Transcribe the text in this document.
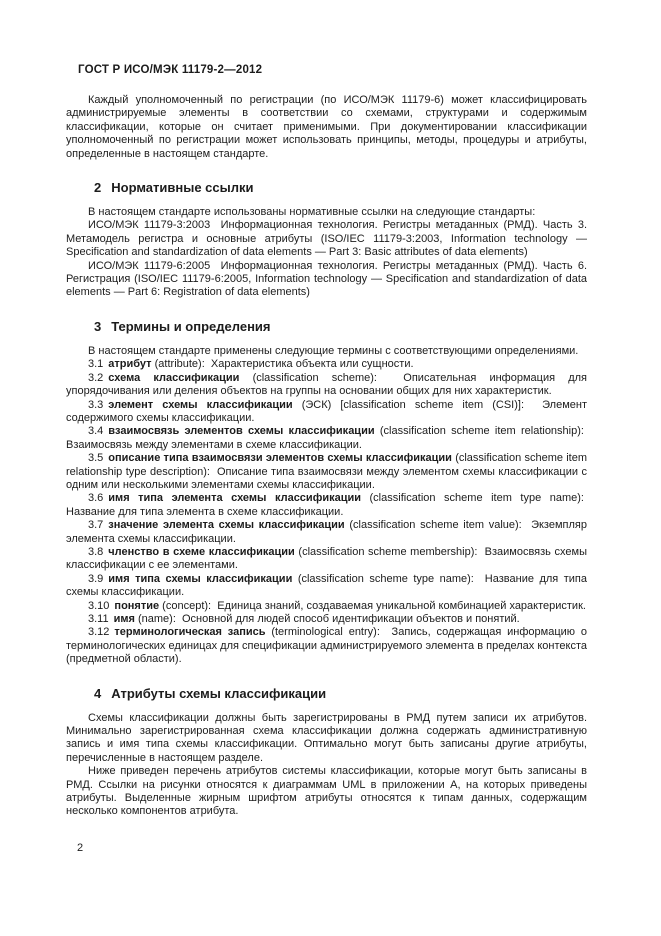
ГОСТ Р ИСО/МЭК 11179-2—2012

Каждый уполномоченный по регистрации (по ИСО/МЭК 11179-6) может классифицировать администрируемые элементы в соответствии со схемами, структурами и содержимым классификации, которые он считает применимыми. При документировании классификации уполномоченный по регистрации может использовать принципы, методы, процедуры и атрибуты, определенные в настоящем стандарте.

2 Нормативные ссылки

В настоящем стандарте использованы нормативные ссылки на следующие стандарты:

ИСО/МЭК 11179-3:2003  Информационная технология. Регистры метаданных (РМД). Часть 3. Метамодель регистра и основные атрибуты (ISO/IEC 11179-3:2003, Information technology — Specification and standardization of data elements — Part 3: Basic attributes of data elements)

ИСО/МЭК 11179-6:2005  Информационная технология. Регистры метаданных (РМД). Часть 6. Регистрация (ISO/IEC 11179-6:2005, Information technology — Specification and standardization of data elements — Part 6: Registration of data elements)

3 Термины и определения

В настоящем стандарте применены следующие термины с соответствующими определениями.

3.1 атрибут (attribute):  Характеристика объекта или сущности.

3.2 схема классификации (classification scheme):  Описательная информация для упорядочивания или деления объектов на группы на основании общих для них характеристик.

3.3 элемент схемы классификации (ЭСК) [classification scheme item (CSI)]:  Элемент содержимого схемы классификации.

3.4 взаимосвязь элементов схемы классификации (classification scheme item relationship):  Взаимосвязь между элементами в схеме классификации.

3.5 описание типа взаимосвязи элементов схемы классификации (classification scheme item relationship type description):  Описание типа взаимосвязи между элементом схемы классификации с одним или несколькими элементами схемы классификации.

3.6 имя типа элемента схемы классификации (classification scheme item type name):  Название для типа элемента в схеме классификации.

3.7 значение элемента схемы классификации (classification scheme item value):  Экземпляр элемента схемы классификации.

3.8 членство в схеме классификации (classification scheme membership):  Взаимосвязь схемы классификации с ее элементами.

3.9 имя типа схемы классификации (classification scheme type name):  Название для типа схемы классификации.

3.10 понятие (concept):  Единица знаний, создаваемая уникальной комбинацией характеристик.

3.11 имя (name):  Основной для людей способ идентификации объектов и понятий.

3.12 терминологическая запись (terminological entry):  Запись, содержащая информацию о терминологических единицах для спецификации администрируемого элемента в пределах контекста (предметной области).

4 Атрибуты схемы классификации

Схемы классификации должны быть зарегистрированы в РМД путем записи их атрибутов. Минимально зарегистрированная схема классификации должна содержать административную запись и имя типа схемы классификации. Оптимально могут быть записаны другие атрибуты, перечисленные в настоящем разделе.

Ниже приведен перечень атрибутов системы классификации, которые могут быть записаны в РМД. Ссылки на рисунки относятся к диаграммам UML в приложении А, на которых приведены атрибуты. Выделенные жирным шрифтом атрибуты относятся к типам данных, содержащим несколько компонентов атрибута.

2
